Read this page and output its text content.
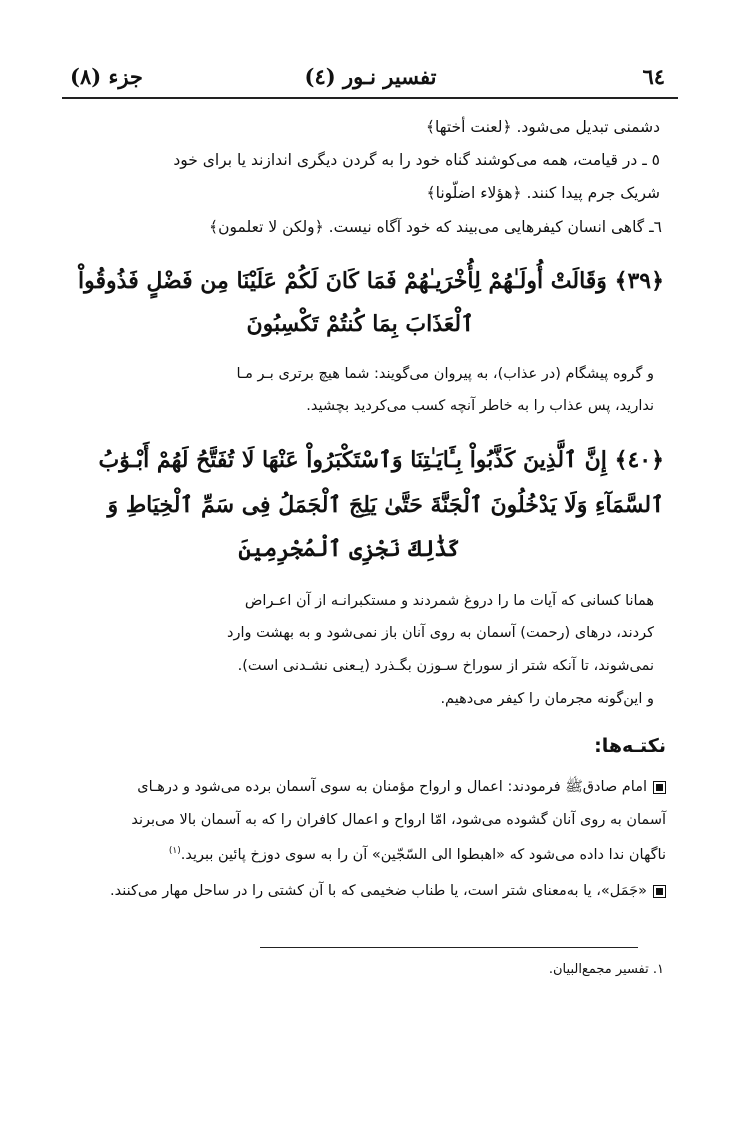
٦٤
تفسیر نـور (٤)
جزء (٨)
دشمنی تبدیل می‌شود. ﴿لعنت أختها﴾
٥ ـ در قیامت، همه می‌کوشند گناه خود را به گردن دیگری اندازند یا برای خود
شریک جرم پیدا کنند. ﴿هؤلاء اضلّونا﴾
٦ـ گاهی انسان کیفرهایی می‌بیند که خود آگاه نیست. ﴿ولکن لا تعلمون﴾
﴿٣٩﴾ وَقَالَتْ أُولَـٰهُمْ لِأُخْرَیـٰهُمْ فَمَا كَانَ لَكُمْ عَلَیْنَا مِن فَضْلٍ فَذُوقُواْ
ٱلْعَذَابَ بِمَا كُنتُمْ تَكْسِبُونَ
و گروه پیشگام (در عذاب)، به پیروان می‌گویند: شما هیچ برتری بـر مـا
ندارید، پس عذاب را به خاطر آنچه کسب می‌کردید بچشید.
﴿٤٠﴾ إِنَّ ٱلَّذِینَ كَذَّبُواْ بِـَٔایَـٰتِنَا وَٱسْتَكْبَرُواْ عَنْهَا لَا تُفَتَّحُ لَهُمْ أَبْـوَٰبُ
ٱلسَّمَآءِ وَلَا یَدْخُلُونَ ٱلْجَنَّةَ حَتَّىٰ یَلِجَ ٱلْجَمَلُ فِى سَمِّ ٱلْخِیَاطِ وَ
كَذَٰلِكَ نَجْزِى ٱلْمُجْرِمِینَ
همانا کسانی که آیات ما را دروغ شمردند و مستکبرانـه از آن اعـراض
کردند، درهای (رحمت) آسمان به روی آنان باز نمی‌شود و به بهشت وارد
نمی‌شوند، تا آنکه شتر از سوراخ سـوزن بگـذرد (یـعنی نشـدنی است).
و این‌گونه مجرمان را کیفر می‌دهیم.
نکتـه‌ها:
امام صادقﷺ فرمودند: اعمال و ارواح مؤمنان به سوی آسمان برده می‌شود و درهـای
آسمان به روی آنان گشوده می‌شود، امّا ارواح و اعمال کافران را که به آسمان بالا می‌برند
ناگهان ندا داده می‌شود که «اهبطوا الی السّجّین» آن را به سوی دوزخ پائین ببرید.$^{(١)}$
«جَمَل»، یا به‌معنای شتر است، یا طناب ضخیمی که با آن کشتی را در ساحل مهار می‌کنند.
١. تفسیر مجمع‌البیان.
